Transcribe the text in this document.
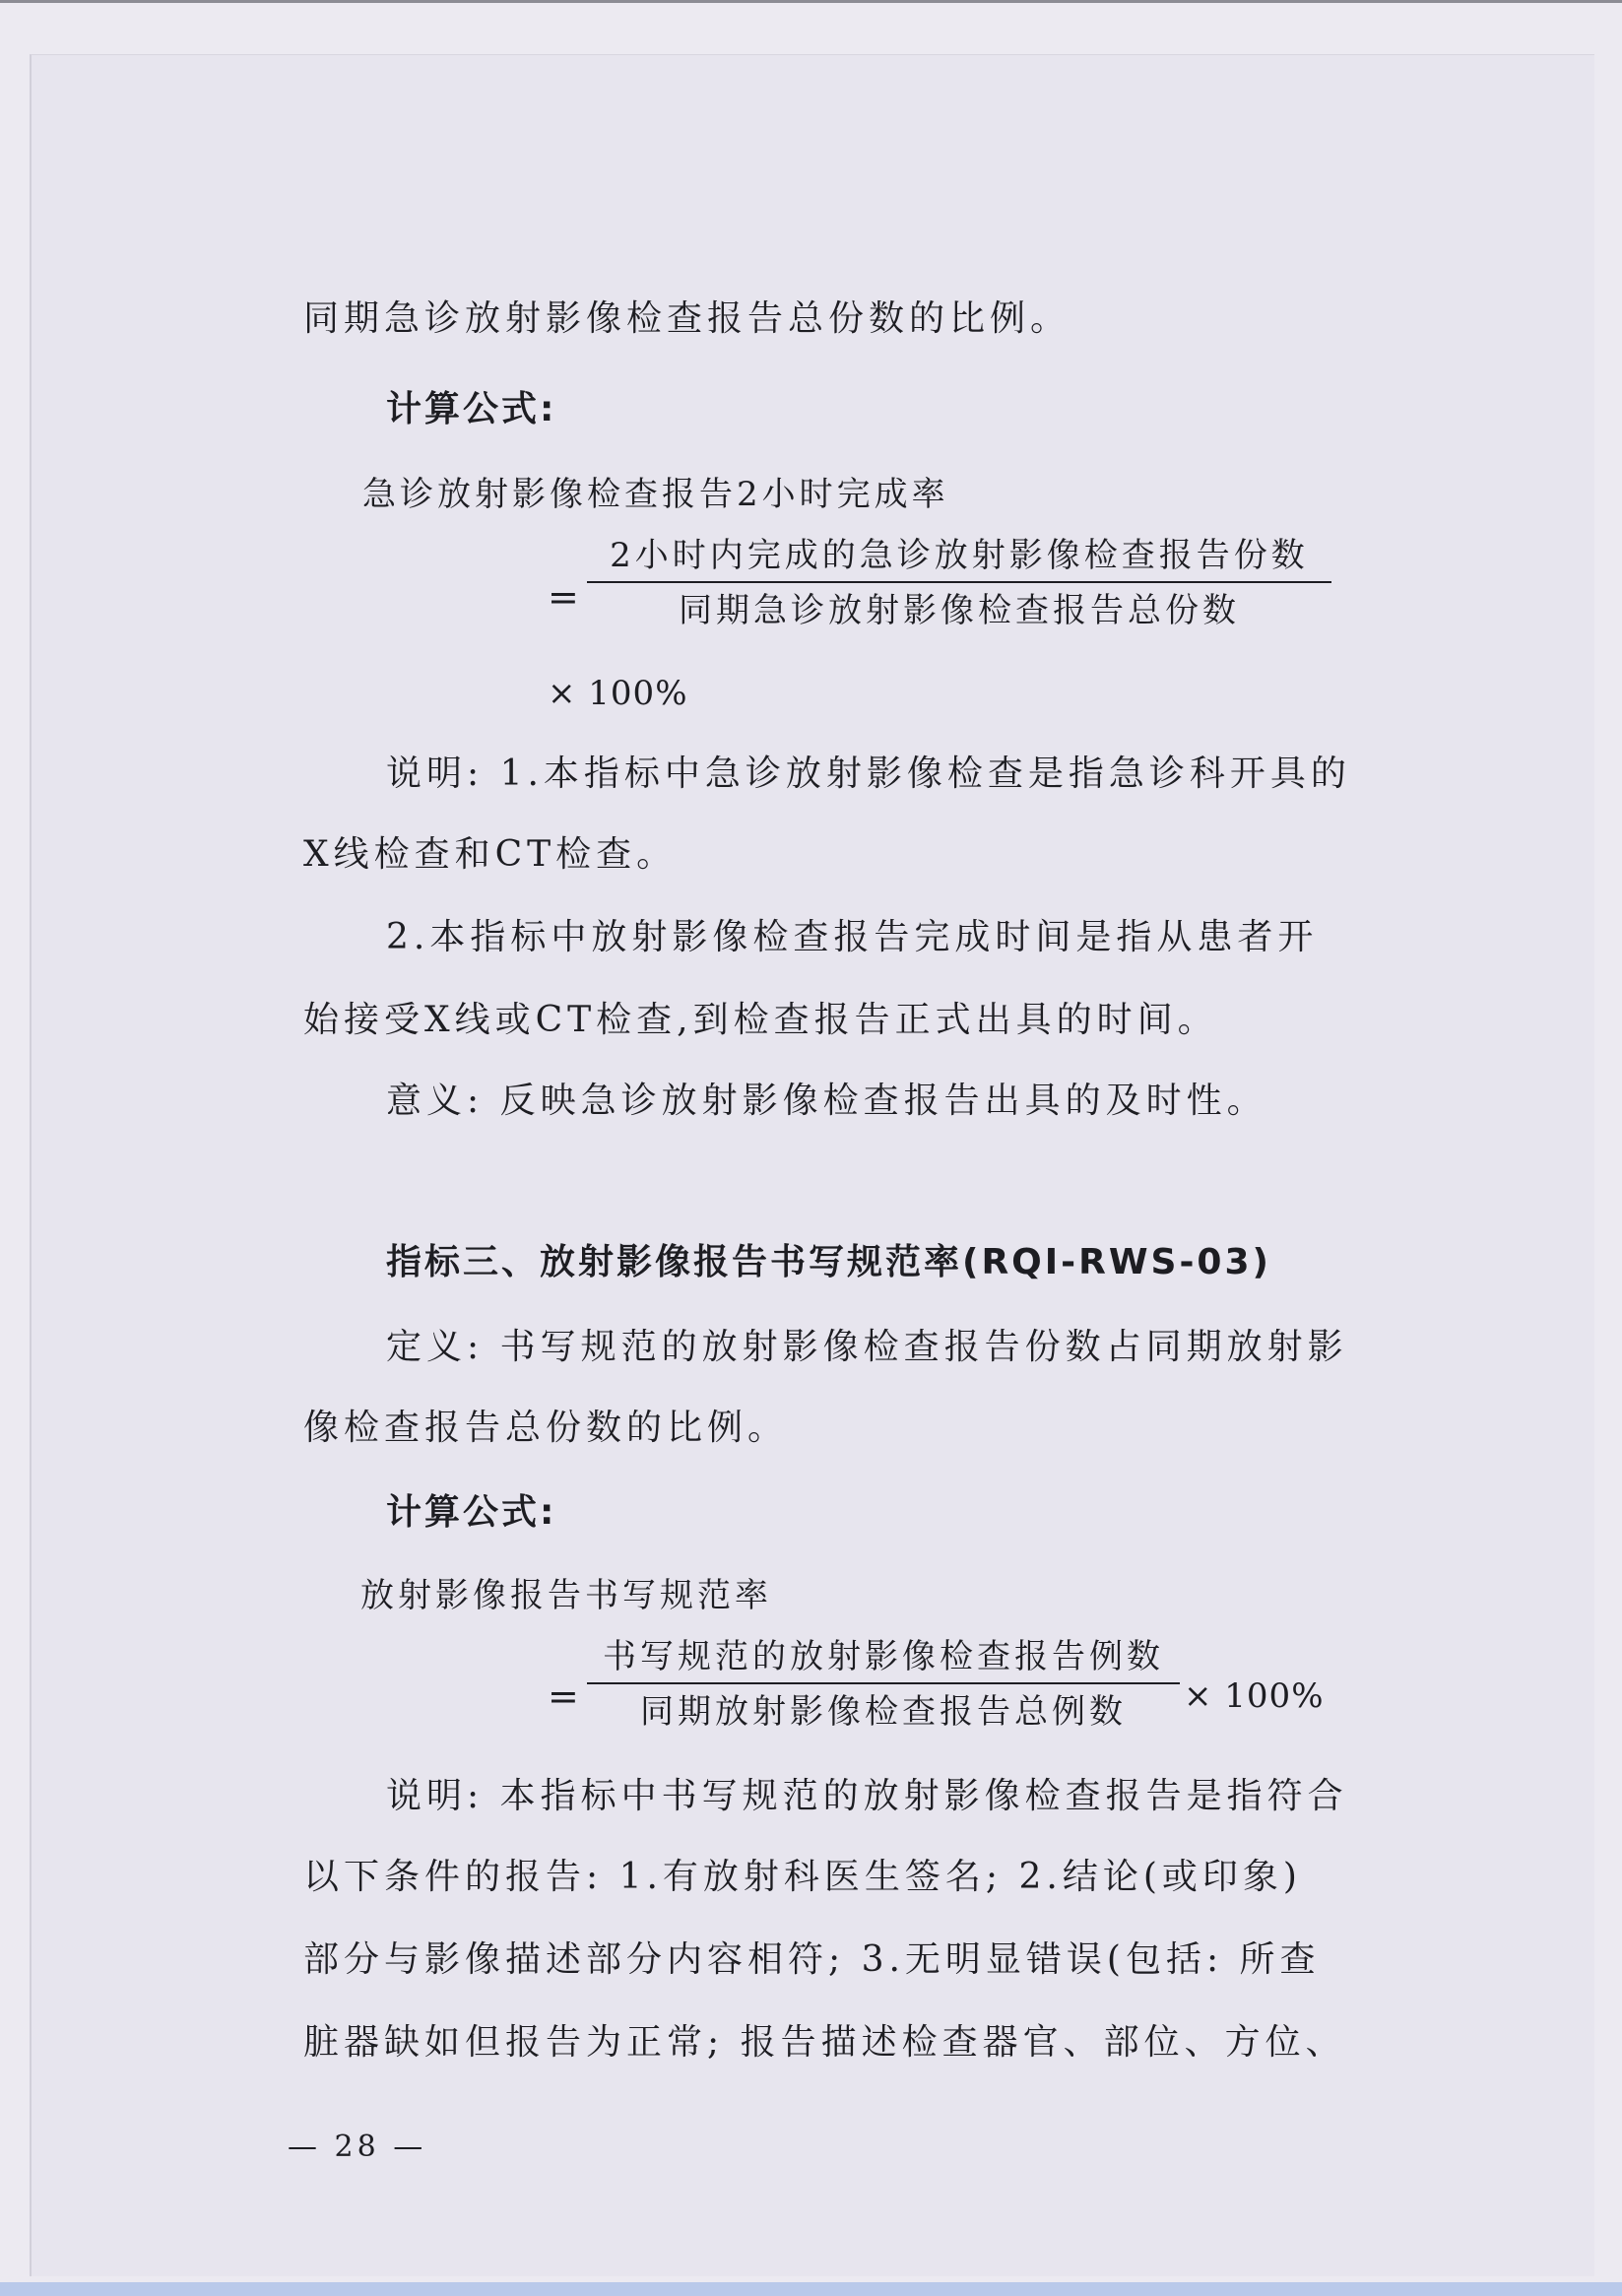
同期急诊放射影像检查报告总份数的比例。
计算公式:
急诊放射影像检查报告2小时完成率
=
2小时内完成的急诊放射影像检查报告份数
同期急诊放射影像检查报告总份数
× 100%
说明: 1.本指标中急诊放射影像检查是指急诊科开具的
X线检查和CT检查。
2.本指标中放射影像检查报告完成时间是指从患者开
始接受X线或CT检查,到检查报告正式出具的时间。
意义: 反映急诊放射影像检查报告出具的及时性。
指标三、放射影像报告书写规范率(RQI-RWS-03)
定义: 书写规范的放射影像检查报告份数占同期放射影
像检查报告总份数的比例。
计算公式:
放射影像报告书写规范率
=
书写规范的放射影像检查报告例数
同期放射影像检查报告总例数	× 100%
说明: 本指标中书写规范的放射影像检查报告是指符合
以下条件的报告: 1.有放射科医生签名; 2.结论(或印象)
部分与影像描述部分内容相符; 3.无明显错误(包括: 所查
脏器缺如但报告为正常; 报告描述检查器官、部位、方位、
— 28 —
